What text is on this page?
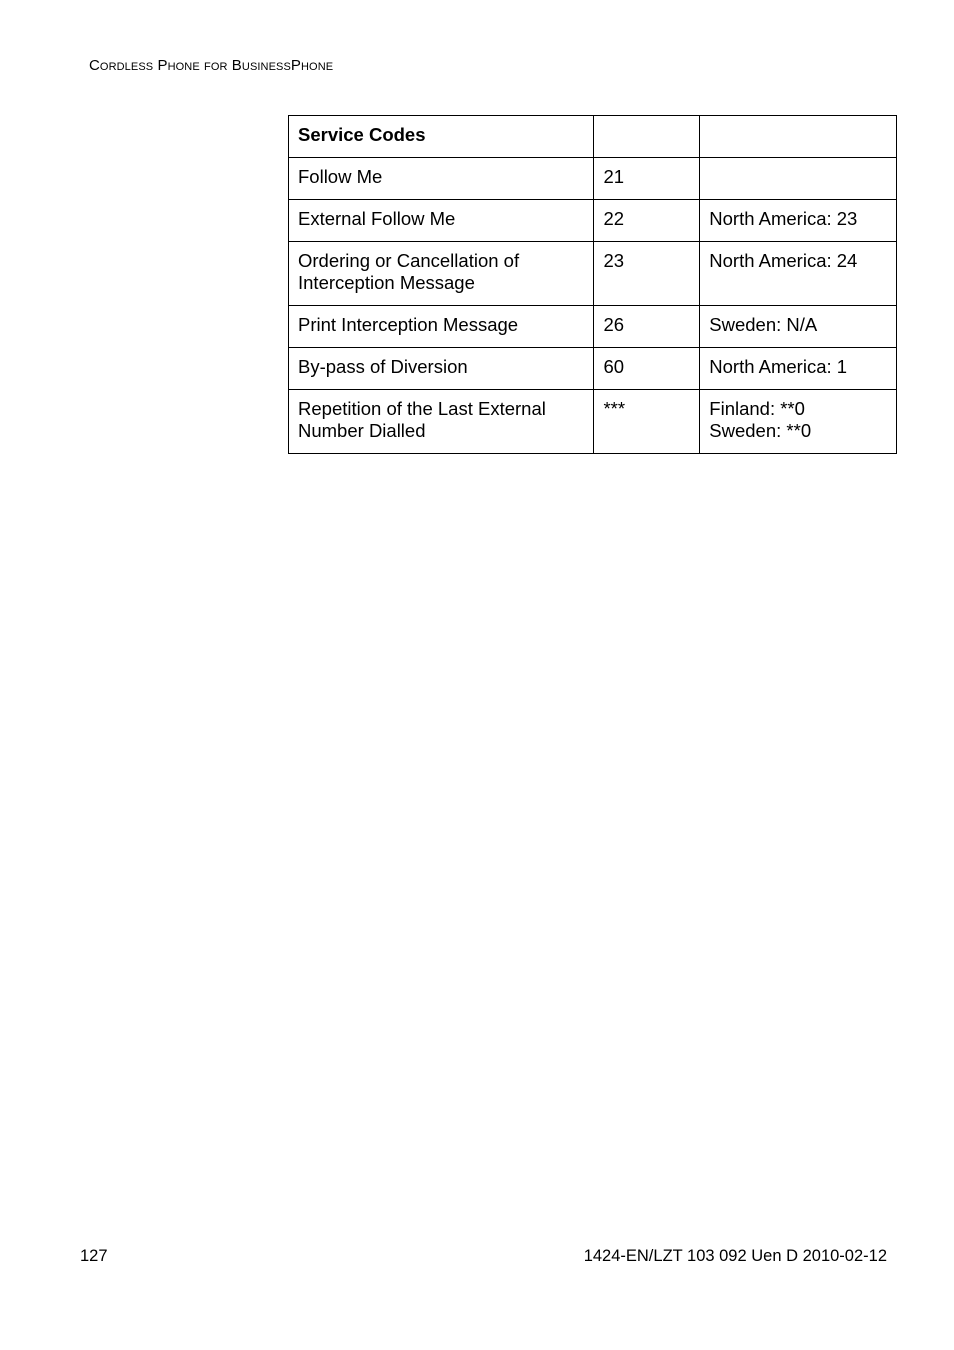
Cordless Phone for BusinessPhone
Service Codes		

Follow Me	21	

External Follow Me	22	North America: 23

Ordering or Cancellation of
Interception Message	23	North America: 24

Print Interception Message	26	Sweden: N/A

By-pass of Diversion	60	North America: 1

Repetition of the Last External
Number Dialled	***	Finland: **0
Sweden: **0
127	1424-EN/LZT 103 092 Uen D 2010-02-12
